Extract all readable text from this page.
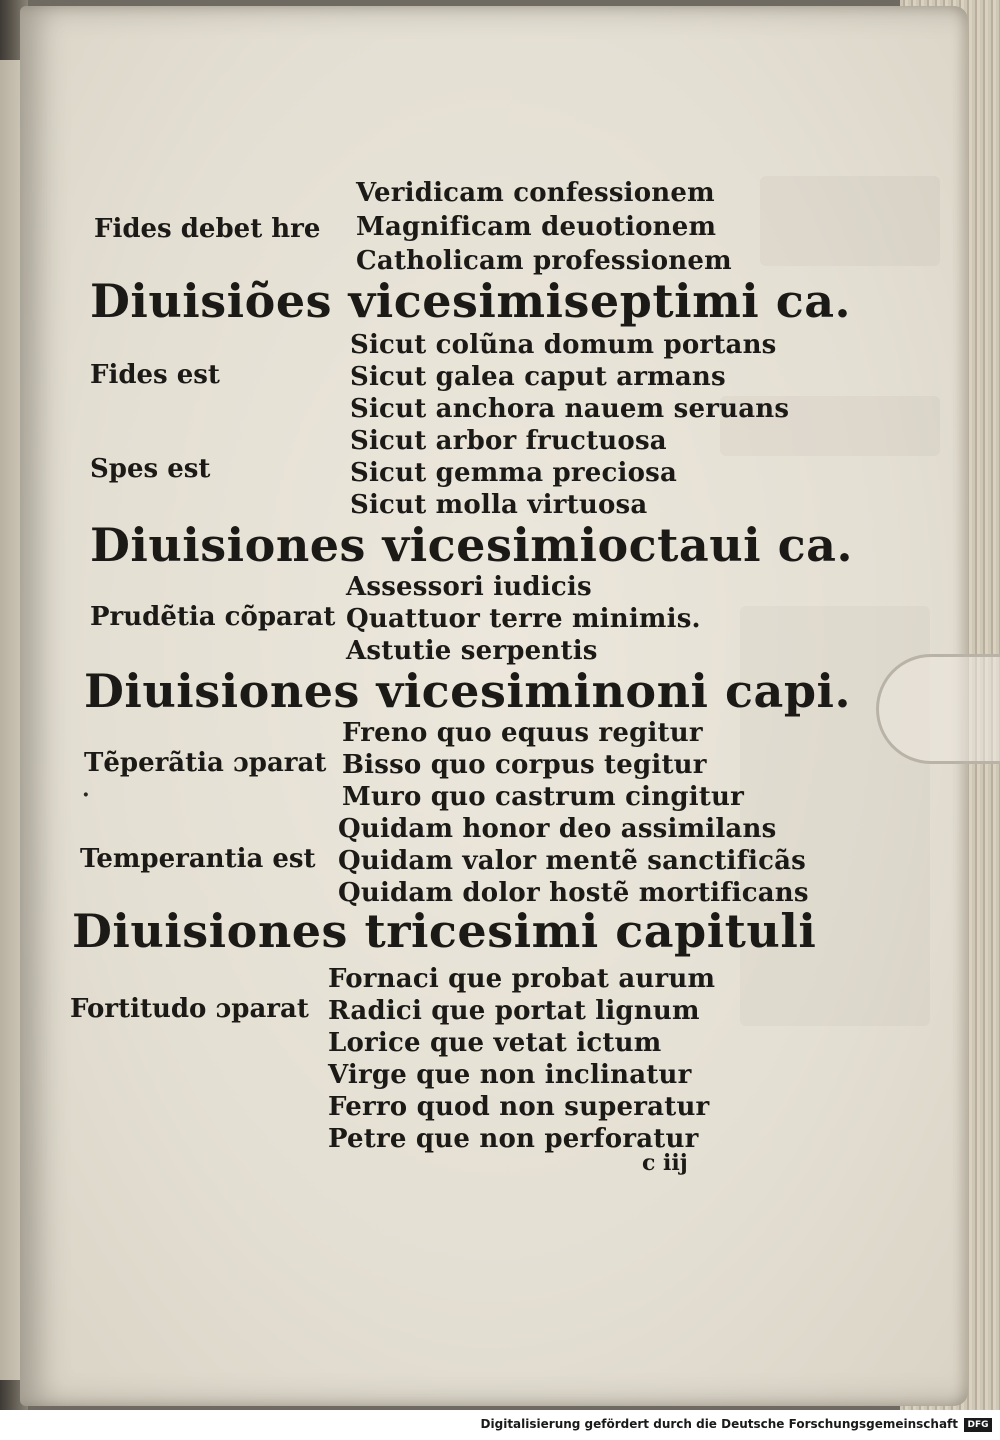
Fides debet hre
Veridicam confessionem
Magnificam deuotionem
Catholicam professionem
Diuisiões vicesimiseptimi ca.
Fides est
Sicut colũna domum portans
Sicut galea caput armans
Sicut anchora nauem seruans
Spes est
Sicut arbor fructuosa
Sicut gemma preciosa
Sicut molla virtuosa
Diuisiones vicesimioctaui ca.
Prudẽtia cõparat
Assessori iudicis
Quattuor terre minimis.
Astutie serpentis
Diuisiones vicesiminoni capi.
Tẽperãtia ɔparat
Freno quo equus regitur
Bisso quo corpus tegitur
Muro quo castrum cingitur
Temperantia est
Quidam honor deo assimilans
Quidam valor mentẽ sanctificãs
Quidam dolor hostẽ mortificans
Diuisiones tricesimi capituli
Fortitudo ɔparat
Fornaci que probat aurum
Radici que portat lignum
Lorice que vetat ictum
Virge que non inclinatur
Ferro quod non superatur
Petre que non perforatur
c iij
·
Digitalisierung gefördert durch die Deutsche Forschungsgemeinschaft	DFG
